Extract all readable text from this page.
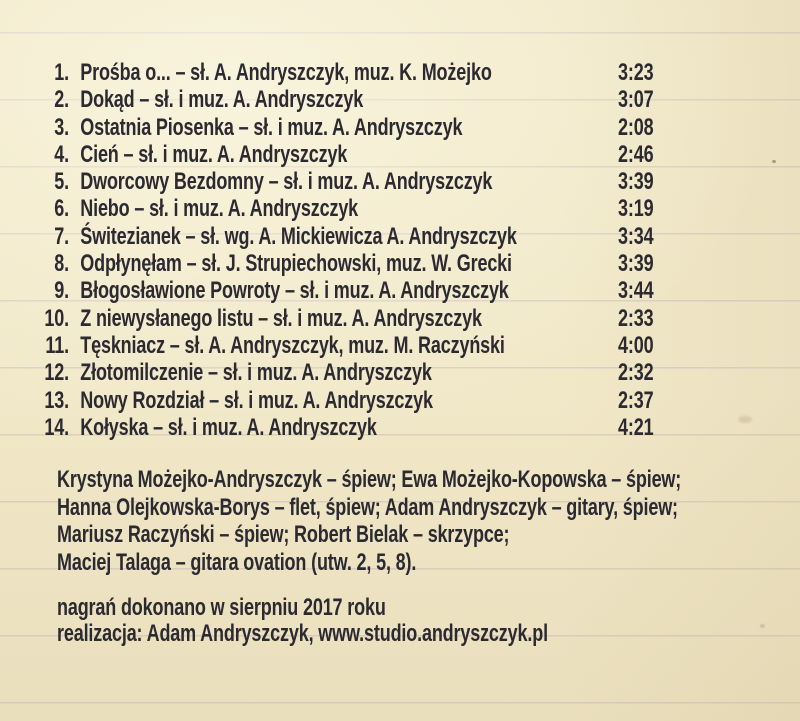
1. Prośba o... – sł. A. Andryszczyk, muz. K. Możejko	3:23
2. Dokąd – sł. i muz. A. Andryszczyk	3:07
3. Ostatnia Piosenka – sł. i muz. A. Andryszczyk	2:08
4. Cień – sł. i muz. A. Andryszczyk	2:46
5. Dworcowy Bezdomny – sł. i muz. A. Andryszczyk	3:39
6. Niebo – sł. i muz. A. Andryszczyk	3:19
7. Świtezianek – sł. wg. A. Mickiewicza A. Andryszczyk	3:34
8. Odpłynęłam – sł. J. Strupiechowski, muz. W. Grecki	3:39
9. Błogosławione Powroty – sł. i muz. A. Andryszczyk	3:44
10. Z niewysłanego listu – sł. i muz. A. Andryszczyk	2:33
11. Tęskniacz – sł. A. Andryszczyk, muz. M. Raczyński	4:00
12. Złotomilczenie – sł. i muz. A. Andryszczyk	2:32
13. Nowy Rozdział – sł. i muz. A. Andryszczyk	2:37
14. Kołyska – sł. i muz. A. Andryszczyk	4:21
Krystyna Możejko-Andryszczyk – śpiew; Ewa Możejko-Kopowska – śpiew;
Hanna Olejkowska-Borys – flet, śpiew; Adam Andryszczyk – gitary, śpiew;
Mariusz Raczyński – śpiew; Robert Bielak – skrzypce;
Maciej Talaga – gitara ovation (utw. 2, 5, 8).
nagrań dokonano w sierpniu 2017 roku
realizacja: Adam Andryszczyk, www.studio.andryszczyk.pl
